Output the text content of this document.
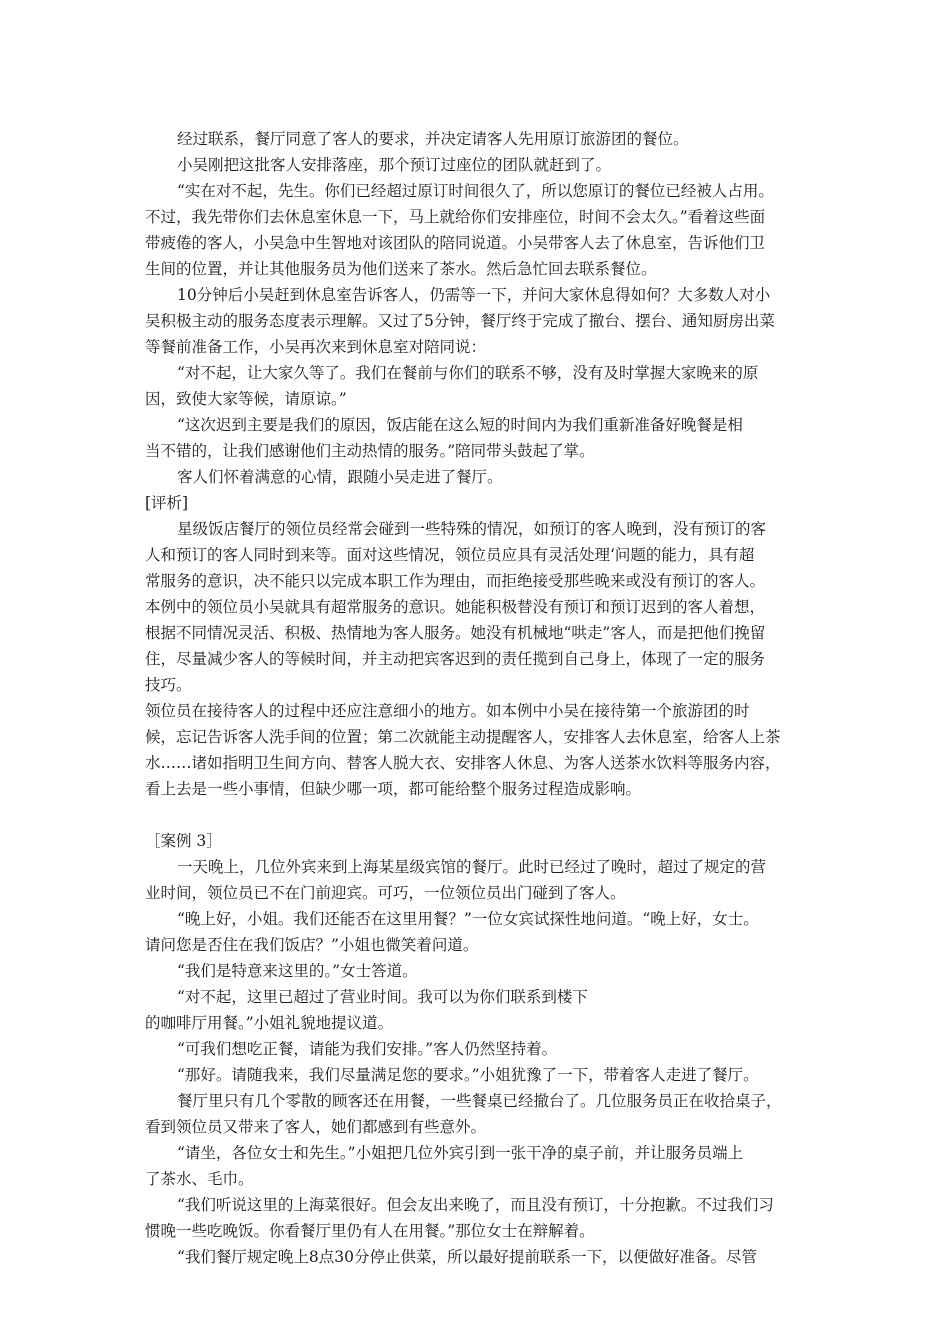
经过联系，餐厅同意了客人的要求，并决定请客人先用原订旅游团的餐位。
小吴刚把这批客人安排落座，那个预订过座位的团队就赶到了。
“实在对不起，先生。你们已经超过原订时间很久了，所以您原订的餐位已经被人占用。
不过，我先带你们去休息室休息一下，马上就给你们安排座位，时间不会太久。”看着这些面
带疲倦的客人，小吴急中生智地对该团队的陪同说道。小吴带客人去了休息室，告诉他们卫
生间的位置，并让其他服务员为他们送来了茶水。然后急忙回去联系餐位。
10分钟后小吴赶到休息室告诉客人，仍需等一下，并问大家休息得如何？大多数人对小
吴积极主动的服务态度表示理解。又过了5分钟，餐厅终于完成了撤台、摆台、通知厨房出菜
等餐前准备工作，小吴再次来到休息室对陪同说：
“对不起，让大家久等了。我们在餐前与你们的联系不够，没有及时掌握大家晚来的原
因，致使大家等候，请原谅。”
“这次迟到主要是我们的原因，饭店能在这么短的时间内为我们重新准备好晚餐是相
当不错的，让我们感谢他们主动热情的服务。”陪同带头鼓起了掌。
客人们怀着满意的心情，跟随小吴走进了餐厅。
[评析]
星级饭店餐厅的领位员经常会碰到一些特殊的情况，如预订的客人晚到，没有预订的客
人和预订的客人同时到来等。面对这些情况，领位员应具有灵活处理‘问题的能力，具有超
常服务的意识，决不能只以完成本职工作为理由，而拒绝接受那些晚来或没有预订的客人。
本例中的领位员小吴就具有超常服务的意识。她能积极替没有预订和预订迟到的客人着想，
根据不同情况灵活、积极、热情地为客人服务。她没有机械地“哄走”客人，而是把他们挽留
住，尽量减少客人的等候时间，并主动把宾客迟到的责任揽到自己身上，体现了一定的服务
技巧。
领位员在接待客人的过程中还应注意细小的地方。如本例中小吴在接待第一个旅游团的时
候，忘记告诉客人洗手间的位置；第二次就能主动提醒客人，安排客人去休息室，给客人上茶
水……诸如指明卫生间方向、替客人脱大衣、安排客人休息、为客人送茶水饮料等服务内容，
看上去是一些小事情，但缺少哪一项，都可能给整个服务过程造成影响。
［案例 3］
一天晚上，几位外宾来到上海某星级宾馆的餐厅。此时已经过了晚时，超过了规定的营
业时间，领位员已不在门前迎宾。可巧，一位领位员出门碰到了客人。
“晚上好，小姐。我们还能否在这里用餐？”一位女宾试探性地问道。“晚上好，女士。
请问您是否住在我们饭店？”小姐也微笑着问道。
“我们是特意来这里的。”女士答道。
“对不起，这里已超过了营业时间。我可以为你们联系到楼下
的咖啡厅用餐。”小姐礼貌地提议道。
“可我们想吃正餐，请能为我们安排。”客人仍然坚持着。
“那好。请随我来，我们尽量满足您的要求。”小姐犹豫了一下，带着客人走进了餐厅。
餐厅里只有几个零散的顾客还在用餐，一些餐桌已经撤台了。几位服务员正在收拾桌子，
看到领位员又带来了客人，她们都感到有些意外。
“请坐，各位女士和先生。”小姐把几位外宾引到一张干净的桌子前，并让服务员端上
了茶水、毛巾。
“我们听说这里的上海菜很好。但会友出来晚了，而且没有预订，十分抱歉。不过我们习
惯晚一些吃晚饭。你看餐厅里仍有人在用餐。”那位女士在辩解着。
“我们餐厅规定晚上8点30分停止供菜，所以最好提前联系一下，以便做好准备。尽管
